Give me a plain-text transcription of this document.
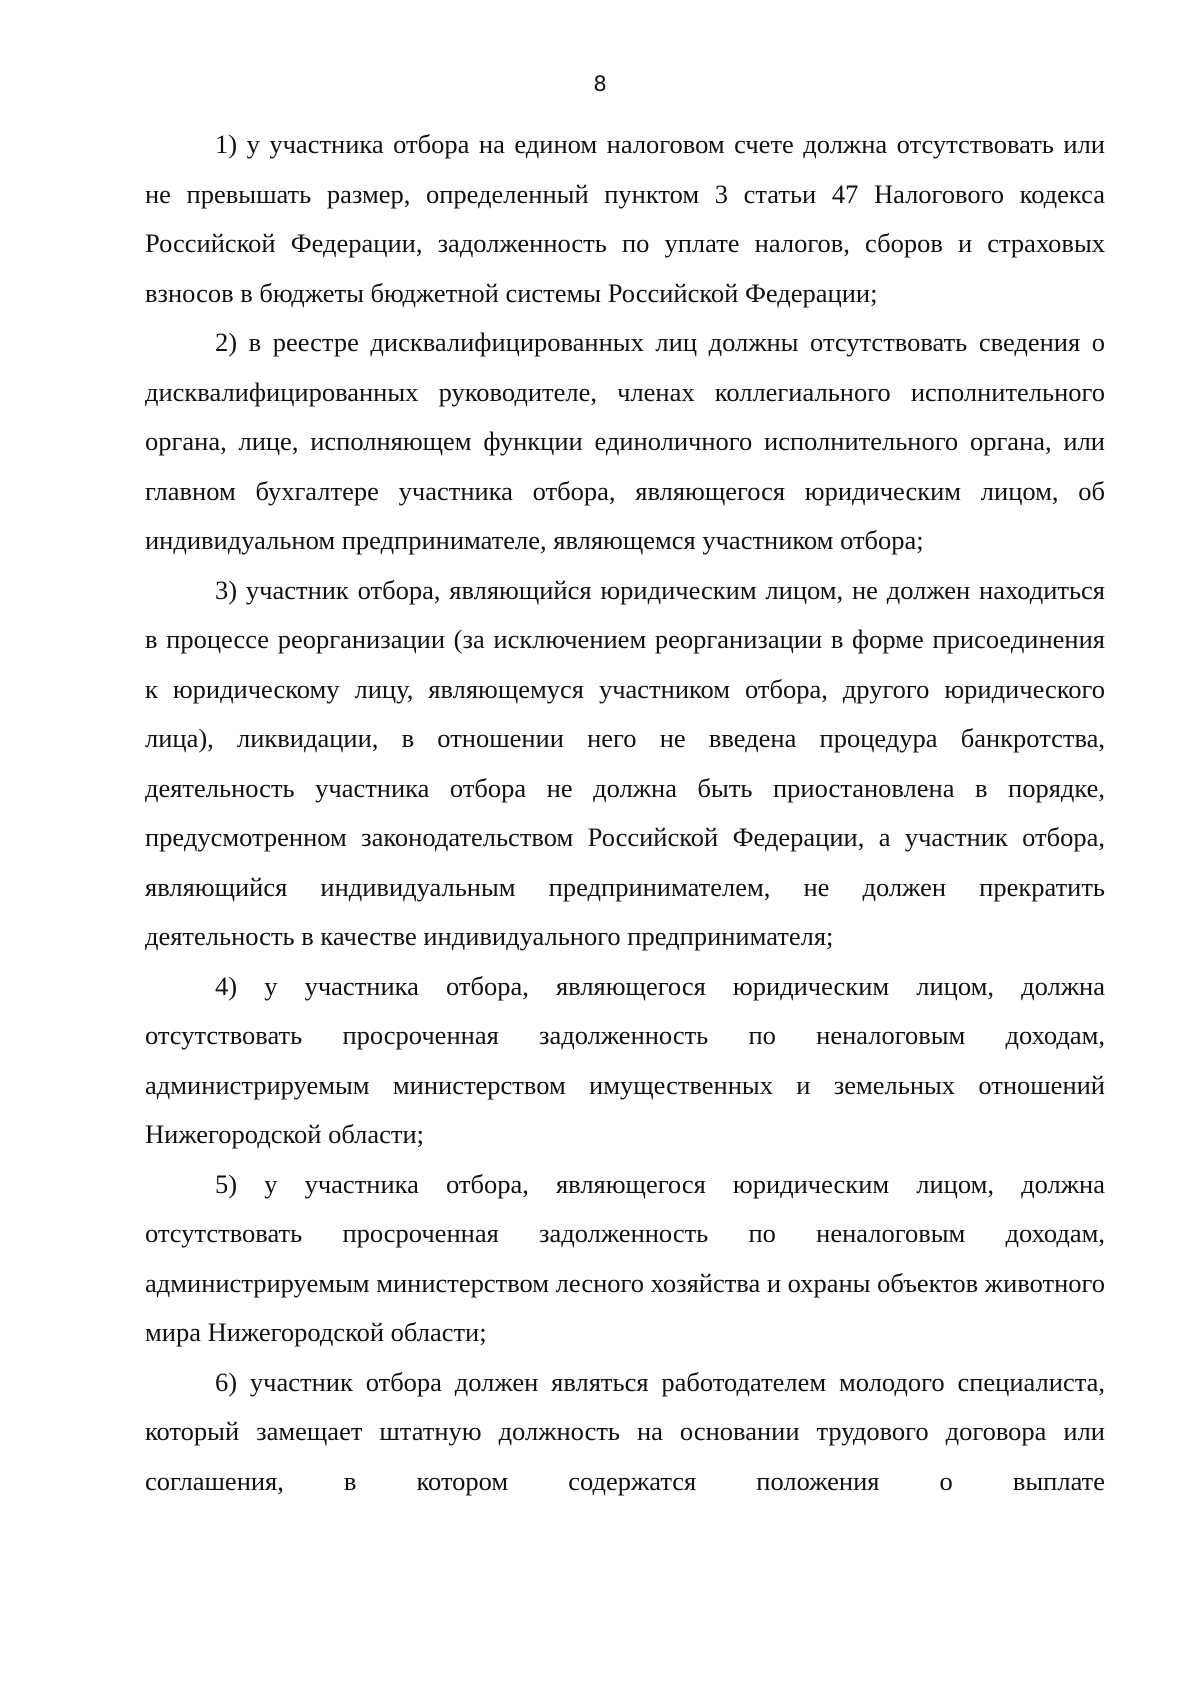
8

1) у участника отбора на едином налоговом счете должна отсутствовать или не превышать размер, определенный пунктом 3 статьи 47 Налогового кодекса Российской Федерации, задолженность по уплате налогов, сборов и страховых взносов в бюджеты бюджетной системы Российской Федерации;

2) в реестре дисквалифицированных лиц должны отсутствовать сведения о дисквалифицированных руководителе, членах коллегиального исполнительного органа, лице, исполняющем функции единоличного исполнительного органа, или главном бухгалтере участника отбора, являющегося юридическим лицом, об индивидуальном предпринимателе, являющемся участником отбора;

3) участник отбора, являющийся юридическим лицом, не должен находиться в процессе реорганизации (за исключением реорганизации в форме присоединения к юридическому лицу, являющемуся участником отбора, другого юридического лица), ликвидации, в отношении него не введена процедура банкротства, деятельность участника отбора не должна быть приостановлена в порядке, предусмотренном законодательством Российской Федерации, а участник отбора, являющийся индивидуальным предпринимателем, не должен прекратить деятельность в качестве индивидуального предпринимателя;

4) у участника отбора, являющегося юридическим лицом, должна отсутствовать просроченная задолженность по неналоговым доходам, администрируемым министерством имущественных и земельных отношений Нижегородской области;

5) у участника отбора, являющегося юридическим лицом, должна отсутствовать просроченная задолженность по неналоговым доходам, администрируемым министерством лесного хозяйства и охраны объектов животного мира Нижегородской области;

6) участник отбора должен являться работодателем молодого специалиста, который замещает штатную должность на основании трудового договора или соглашения, в котором содержатся положения о выплате
